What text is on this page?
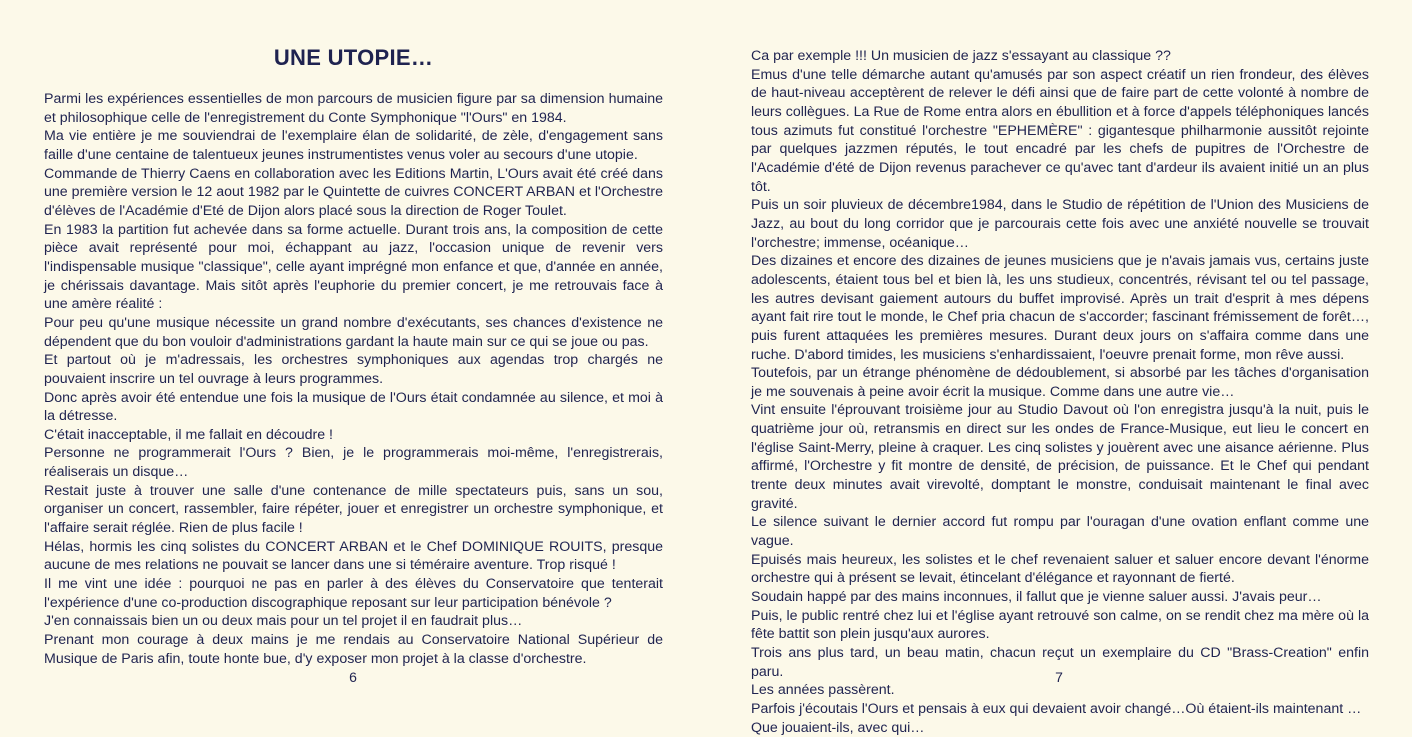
UNE UTOPIE…

Parmi les expériences essentielles de mon parcours de musicien figure par sa dimension humaine et philosophique celle de l'enregistrement du Conte Symphonique "l'Ours" en 1984.

Ma vie entière je me souviendrai de l'exemplaire élan de solidarité, de zèle, d'engagement sans faille d'une centaine de talentueux jeunes instrumentistes venus voler au secours d'une utopie.

Commande de Thierry Caens en collaboration avec les Editions Martin, L'Ours avait été créé dans une première version le 12 aout 1982 par le Quintette de cuivres CONCERT ARBAN et l'Orchestre d'élèves de l'Académie d'Eté de Dijon alors placé sous la direction de Roger Toulet.

En 1983 la partition fut achevée dans sa forme actuelle. Durant trois ans, la composition de cette pièce avait représenté pour moi, échappant au jazz, l'occasion unique de revenir vers l'indispensable musique "classique", celle ayant imprégné mon enfance et que, d'année en année, je chérissais davantage. Mais sitôt après l'euphorie du premier concert, je me retrouvais face à une amère réalité :

Pour peu qu'une musique nécessite un grand nombre d'exécutants, ses chances d'existence ne dépendent que du bon vouloir d'administrations gardant la haute main sur ce qui se joue ou pas.

Et partout où je m'adressais, les orchestres symphoniques aux agendas trop chargés ne pouvaient inscrire un tel ouvrage à leurs programmes.

Donc après avoir été entendue une fois la musique de l'Ours était condamnée au silence, et moi à la détresse.

C'était inacceptable, il me fallait en découdre !

Personne ne programmerait l'Ours ? Bien, je le programmerais moi-même, l'enregistrerais, réaliserais un disque…

Restait juste à trouver une salle d'une contenance de mille spectateurs puis, sans un sou, organiser un concert, rassembler, faire répéter, jouer et enregistrer un orchestre symphonique, et l'affaire serait réglée. Rien de plus facile !

Hélas, hormis les cinq solistes du CONCERT ARBAN et le Chef DOMINIQUE ROUITS, presque aucune de mes relations ne pouvait se lancer dans une si téméraire aventure. Trop risqué !

Il me vint une idée : pourquoi ne pas en parler à des élèves du Conservatoire que tenterait l'expérience d'une co-production discographique reposant sur leur participation bénévole ?

J'en connaissais bien un ou deux mais pour un tel projet il en faudrait plus…

Prenant mon courage à deux mains je me rendais au Conservatoire National Supérieur de Musique de Paris afin, toute honte bue, d'y exposer mon projet à la classe d'orchestre.

6

Ca par exemple !!! Un musicien de jazz s'essayant au classique ??

Emus d'une telle démarche autant qu'amusés par son aspect créatif un rien frondeur, des élèves de haut-niveau acceptèrent de relever le défi ainsi que de faire part de cette volonté à nombre de leurs collègues. La Rue de Rome entra alors en ébullition et à force d'appels téléphoniques lancés tous azimuts fut constitué l'orchestre "EPHEMÈRE" : gigantesque philharmonie aussitôt rejointe par quelques jazzmen réputés, le tout encadré par les chefs de pupitres de l'Orchestre de l'Académie d'été de Dijon revenus parachever ce qu'avec tant d'ardeur ils avaient initié un an plus tôt.

Puis un soir pluvieux de décembre1984, dans le Studio de répétition de l'Union des Musiciens de Jazz, au bout du long corridor que je parcourais cette fois avec une anxiété nouvelle se trouvait l'orchestre; immense, océanique…

Des dizaines et encore des dizaines de jeunes musiciens que je n'avais jamais vus, certains juste adolescents, étaient tous bel et bien là, les uns studieux, concentrés, révisant tel ou tel passage, les autres devisant gaiement autours du buffet improvisé. Après un trait d'esprit à mes dépens ayant fait rire tout le monde, le Chef pria chacun de s'accorder; fascinant frémissement de forêt…, puis furent attaquées les premières mesures. Durant deux jours on s'affaira comme dans une ruche. D'abord timides, les musiciens s'enhardissaient, l'oeuvre prenait forme, mon rêve aussi.

Toutefois, par un étrange phénomène de dédoublement, si absorbé par les tâches d'organisation je me souvenais à peine avoir écrit la musique. Comme dans une autre vie…

Vint ensuite l'éprouvant troisième jour au Studio Davout où l'on enregistra jusqu'à la nuit, puis le quatrième jour où, retransmis en direct sur les ondes de France-Musique, eut lieu le concert en l'église Saint-Merry, pleine à craquer. Les cinq solistes y jouèrent avec une aisance aérienne. Plus affirmé, l'Orchestre y fit montre de densité, de précision, de puissance. Et le Chef qui pendant trente deux minutes avait virevolté, domptant le monstre, conduisait maintenant le final avec gravité.

Le silence suivant le dernier accord fut rompu par l'ouragan d'une ovation enflant comme une vague.

Epuisés mais heureux, les solistes et le chef revenaient saluer et saluer encore devant l'énorme orchestre qui à présent se levait, étincelant d'élégance et rayonnant de fierté.

Soudain happé par des mains inconnues, il fallut que je vienne saluer aussi. J'avais peur…

Puis, le public rentré chez lui et l'église ayant retrouvé son calme, on se rendit chez ma mère où la fête battit son plein jusqu'aux aurores.

Trois ans plus tard, un beau matin, chacun reçut un exemplaire du CD "Brass-Creation" enfin paru.

Les années passèrent.

Parfois j'écoutais l'Ours et pensais à eux qui devaient avoir changé…Où étaient-ils maintenant …

Que jouaient-ils, avec qui…

7
